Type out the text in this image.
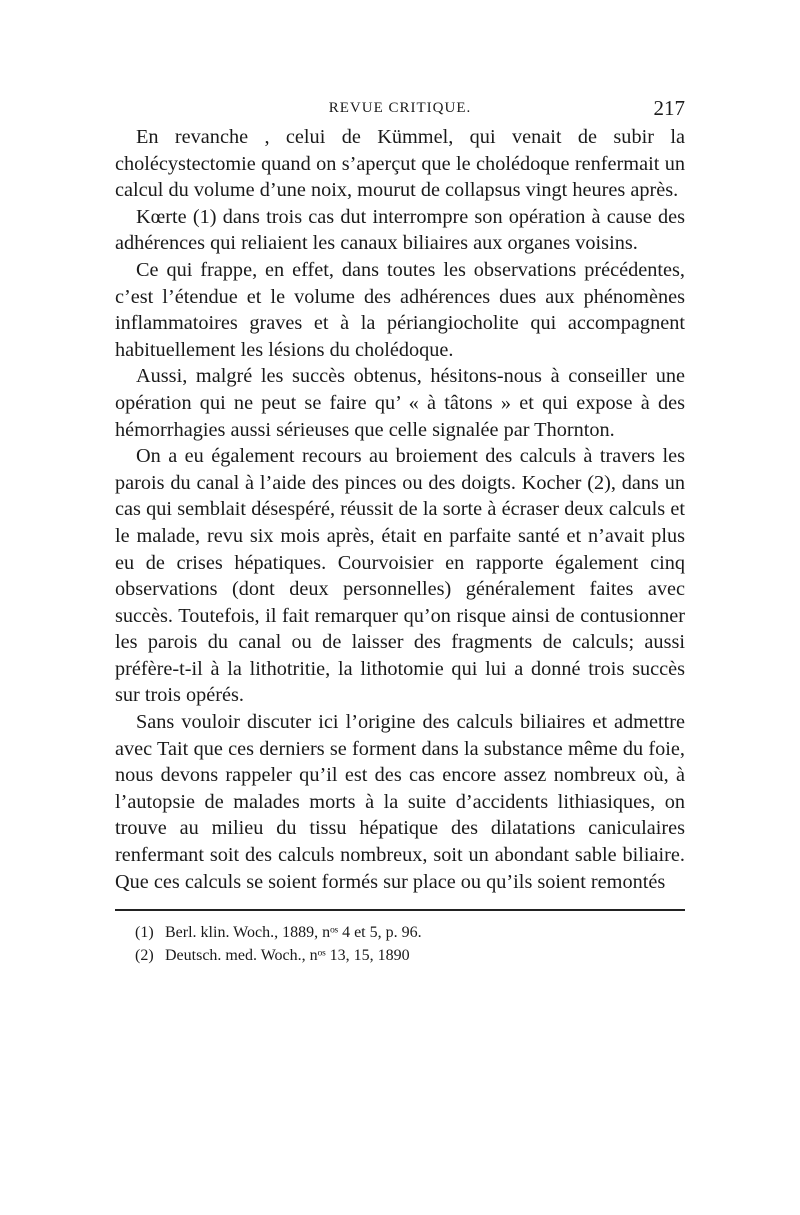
REVUE CRITIQUE.	217

En revanche , celui de Kümmel, qui venait de subir la cholécystectomie quand on s’aperçut que le cholédoque renfermait un calcul du volume d’une noix, mourut de collapsus vingt heures après.

Kœrte (1) dans trois cas dut interrompre son opération à cause des adhérences qui reliaient les canaux biliaires aux organes voisins.

Ce qui frappe, en effet, dans toutes les observations précédentes, c’est l’étendue et le volume des adhérences dues aux phénomènes inflammatoires graves et à la périangiocholite qui accompagnent habituellement les lésions du cholédoque.

Aussi, malgré les succès obtenus, hésitons-nous à conseiller une opération qui ne peut se faire qu’ « à tâtons » et qui expose à des hémorrhagies aussi sérieuses que celle signalée par Thornton.

On a eu également recours au broiement des calculs à travers les parois du canal à l’aide des pinces ou des doigts. Kocher (2), dans un cas qui semblait désespéré, réussit de la sorte à écraser deux calculs et le malade, revu six mois après, était en parfaite santé et n’avait plus eu de crises hépatiques. Courvoisier en rapporte également cinq observations (dont deux personnelles) généralement faites avec succès. Toutefois, il fait remarquer qu’on risque ainsi de contusionner les parois du canal ou de laisser des fragments de calculs; aussi préfère-t-il à la lithotritie, la lithotomie qui lui a donné trois succès sur trois opérés.

Sans vouloir discuter ici l’origine des calculs biliaires et admettre avec Tait que ces derniers se forment dans la substance même du foie, nous devons rappeler qu’il est des cas encore assez nombreux où, à l’autopsie de malades morts à la suite d’accidents lithiasiques, on trouve au milieu du tissu hépatique des dilatations caniculaires renfermant soit des calculs nombreux, soit un abondant sable biliaire. Que ces calculs se soient formés sur place ou qu’ils soient remontés

(1) Berl. klin. Woch., 1889, nᵒˢ 4 et 5, p. 96.
(2) Deutsch. med. Woch., nᵒˢ 13, 15, 1890
